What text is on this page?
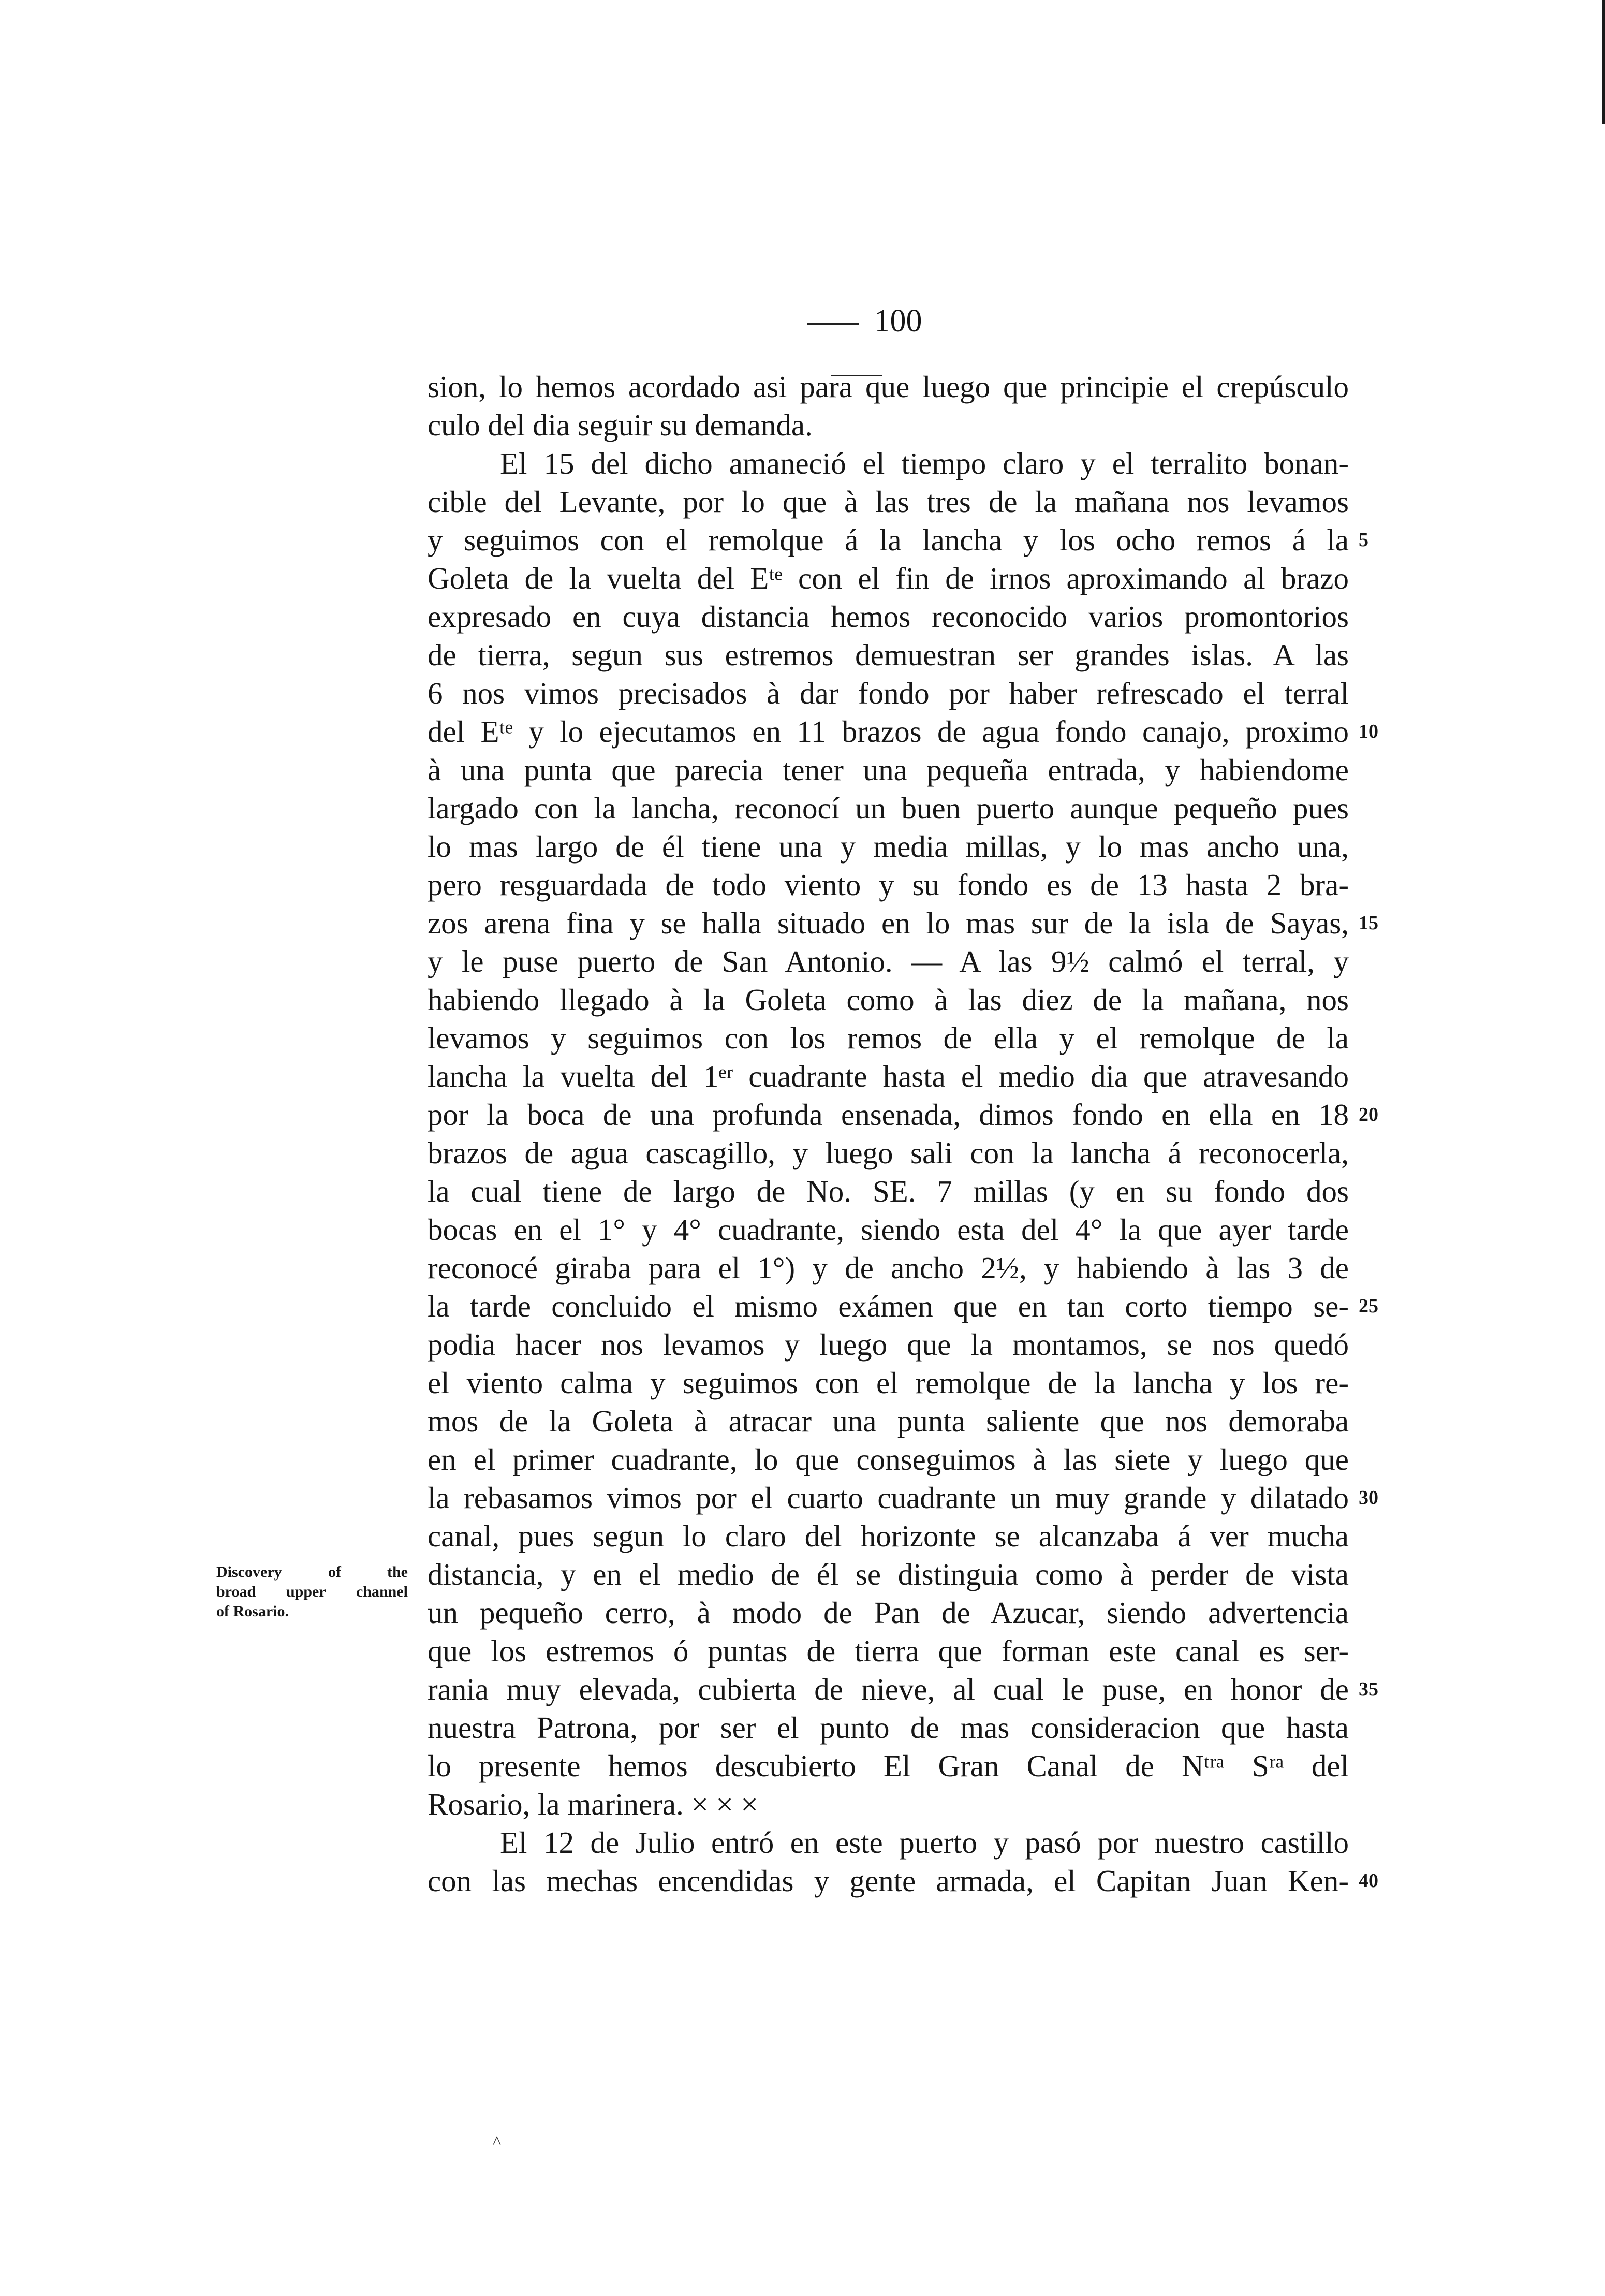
100
sion, lo hemos acordado asi para que luego que principie el crepúsculo
culo del dia seguir su demanda.
El 15 del dicho amaneció el tiempo claro y el terralito bonan-
cible del Levante, por lo que à las tres de la mañana nos levamos
y seguimos con el remolque á la lancha y los ocho remos á la
Goleta de la vuelta del Eᵗᵉ con el fin de irnos aproximando al brazo
expresado en cuya distancia hemos reconocido varios promontorios
de tierra, segun sus estremos demuestran ser grandes islas. A las
6 nos vimos precisados à dar fondo por haber refrescado el terral
del Eᵗᵉ y lo ejecutamos en 11 brazos de agua fondo canajo, proximo
à una punta que parecia tener una pequeña entrada, y habiendome
largado con la lancha, reconocí un buen puerto aunque pequeño pues
lo mas largo de él tiene una y media millas, y lo mas ancho una,
pero resguardada de todo viento y su fondo es de 13 hasta 2 bra-
zos arena fina y se halla situado en lo mas sur de la isla de Sayas,
y le puse puerto de San Antonio. — A las 9½ calmó el terral, y
habiendo llegado à la Goleta como à las diez de la mañana, nos
levamos y seguimos con los remos de ella y el remolque de la
lancha la vuelta del 1ᵉʳ cuadrante hasta el medio dia que atravesando
por la boca de una profunda ensenada, dimos fondo en ella en 18
brazos de agua cascagillo, y luego sali con la lancha á reconocerla,
la cual tiene de largo de No. SE. 7 millas (y en su fondo dos
bocas en el 1° y 4° cuadrante, siendo esta del 4° la que ayer tarde
reconocé giraba para el 1°) y de ancho 2½, y habiendo à las 3 de
la tarde concluido el mismo exámen que en tan corto tiempo se-
podia hacer nos levamos y luego que la montamos, se nos quedó
el viento calma y seguimos con el remolque de la lancha y los re-
mos de la Goleta à atracar una punta saliente que nos demoraba
en el primer cuadrante, lo que conseguimos à las siete y luego que
la rebasamos vimos por el cuarto cuadrante un muy grande y dilatado
canal, pues segun lo claro del horizonte se alcanzaba á ver mucha
distancia, y en el medio de él se distinguia como à perder de vista
un pequeño cerro, à modo de Pan de Azucar, siendo advertencia
que los estremos ó puntas de tierra que forman este canal es ser-
rania muy elevada, cubierta de nieve, al cual le puse, en honor de
nuestra Patrona, por ser el punto de mas consideracion que hasta
lo presente hemos descubierto El Gran Canal de Nᵗʳᵃ Sʳᵃ del
Rosario, la marinera. × × ×
El 12 de Julio entró en este puerto y pasó por nuestro castillo
con las mechas encendidas y gente armada, el Capitan Juan Ken-
5
10
15
20
25
30
35
40
Discovery of the
broad upper channel
of Rosario.
^
